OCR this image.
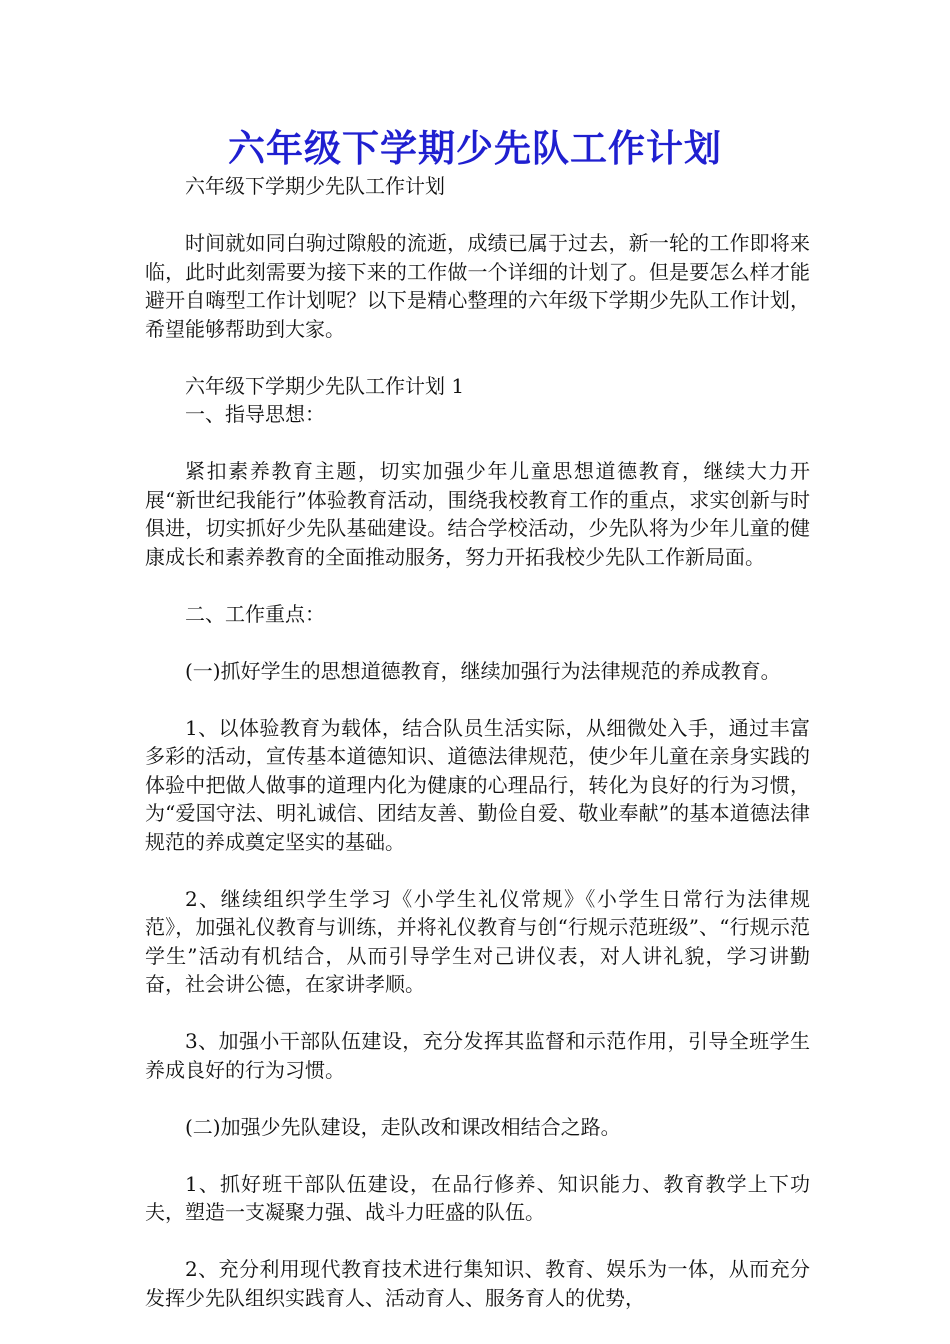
六年级下学期少先队工作计划

六年级下学期少先队工作计划

时间就如同白驹过隙般的流逝，成绩已属于过去，新一轮的工作即将来临，此时此刻需要为接下来的工作做一个详细的计划了。但是要怎么样才能避开自嗨型工作计划呢？以下是精心整理的六年级下学期少先队工作计划，希望能够帮助到大家。

六年级下学期少先队工作计划 1

一、指导思想：

紧扣素养教育主题，切实加强少年儿童思想道德教育，继续大力开展“新世纪我能行”体验教育活动，围绕我校教育工作的重点，求实创新与时俱进，切实抓好少先队基础建设。结合学校活动，少先队将为少年儿童的健康成长和素养教育的全面推动服务，努力开拓我校少先队工作新局面。

二、工作重点：

(一)抓好学生的思想道德教育，继续加强行为法律规范的养成教育。

1、以体验教育为载体，结合队员生活实际，从细微处入手，通过丰富多彩的活动，宣传基本道德知识、道德法律规范，使少年儿童在亲身实践的体验中把做人做事的道理内化为健康的心理品行，转化为良好的行为习惯，为“爱国守法、明礼诚信、团结友善、勤俭自爱、敬业奉献”的基本道德法律规范的养成奠定坚实的基础。

2、继续组织学生学习《小学生礼仪常规》《小学生日常行为法律规范》，加强礼仪教育与训练，并将礼仪教育与创“行规示范班级”、“行规示范学生”活动有机结合，从而引导学生对己讲仪表，对人讲礼貌，学习讲勤奋，社会讲公德，在家讲孝顺。

3、加强小干部队伍建设，充分发挥其监督和示范作用，引导全班学生养成良好的行为习惯。

(二)加强少先队建设，走队改和课改相结合之路。

1、抓好班干部队伍建设，在品行修养、知识能力、教育教学上下功夫，塑造一支凝聚力强、战斗力旺盛的队伍。

2、充分利用现代教育技术进行集知识、教育、娱乐为一体，从而充分发挥少先队组织实践育人、活动育人、服务育人的优势，
